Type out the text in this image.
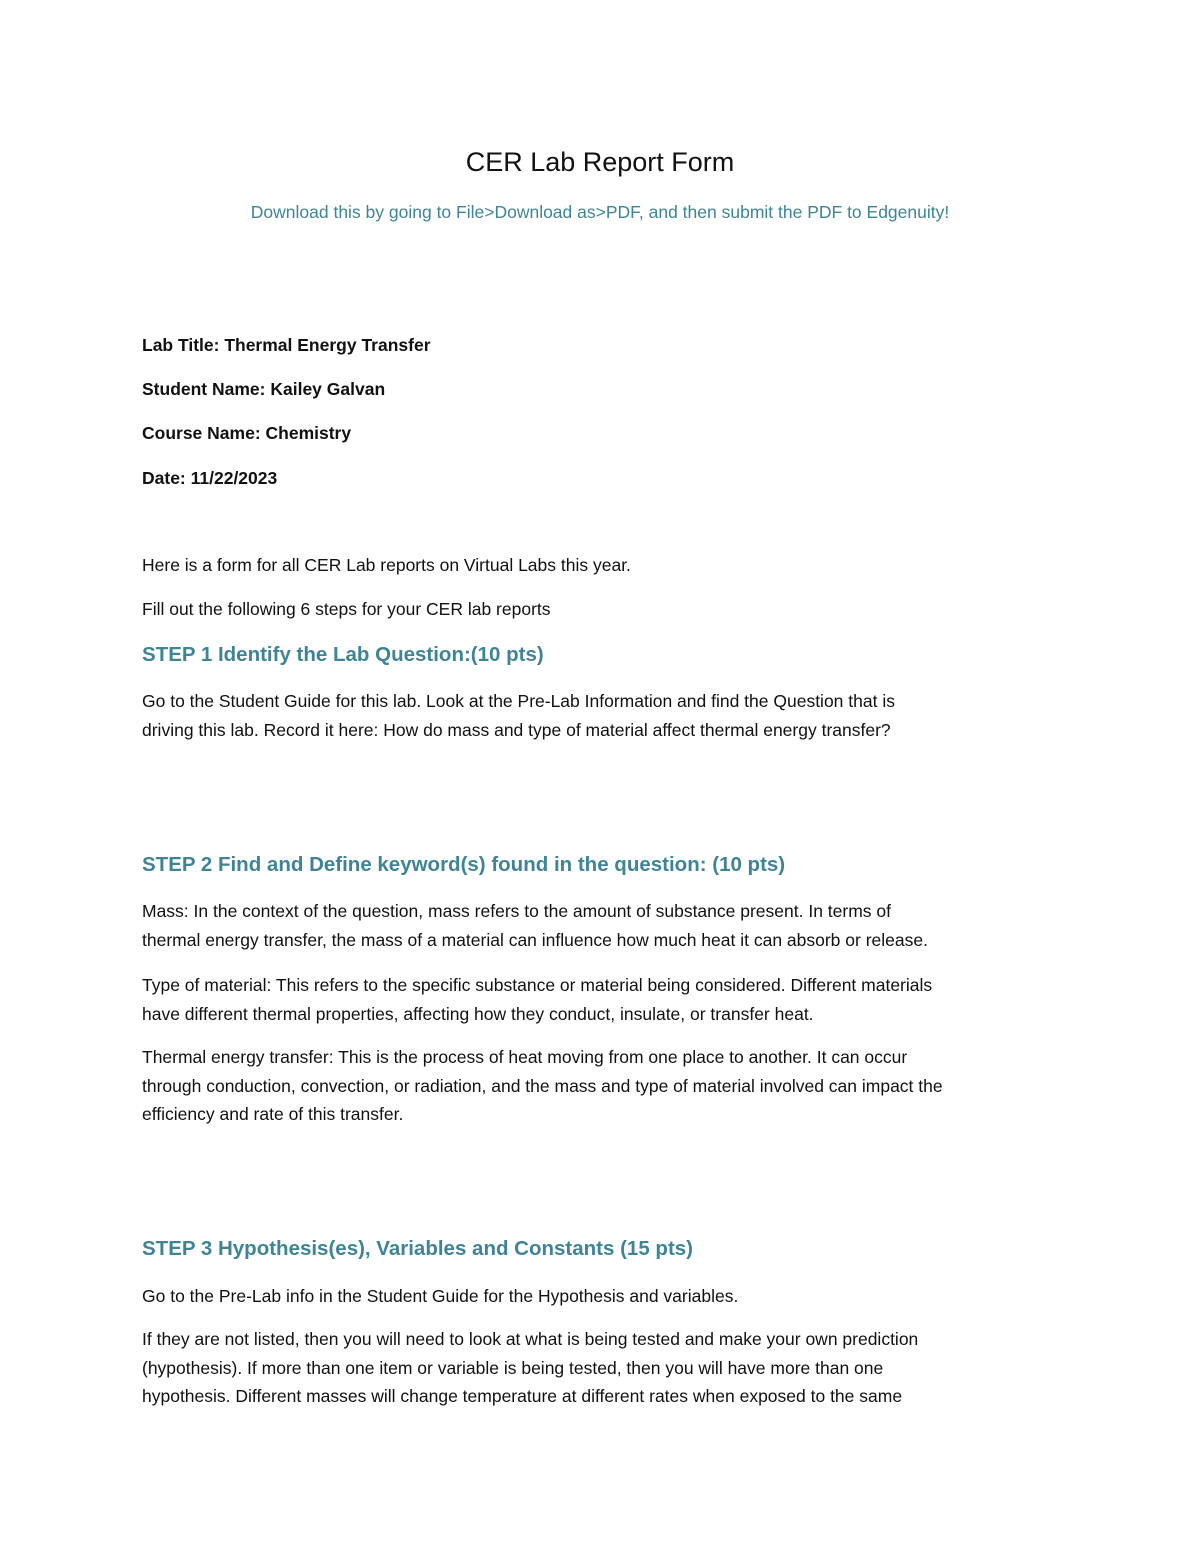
CER Lab Report Form

Download this by going to File>Download as>PDF, and then submit the PDF to Edgenuity!

Lab Title: Thermal Energy Transfer

Student Name: Kailey Galvan

Course Name: Chemistry

Date: 11/22/2023

Here is a form for all CER Lab reports on Virtual Labs this year.

Fill out the following 6 steps for your CER lab reports

STEP 1 Identify the Lab Question:(10 pts)
Go to the Student Guide for this lab. Look at the Pre-Lab Information and find the Question that is
driving this lab. Record it here: How do mass and type of material affect thermal energy transfer?
STEP 2 Find and Define keyword(s) found in the question: (10 pts)
Mass: In the context of the question, mass refers to the amount of substance present. In terms of
thermal energy transfer, the mass of a material can influence how much heat it can absorb or release.
Type of material: This refers to the specific substance or material being considered. Different materials
have different thermal properties, affecting how they conduct, insulate, or transfer heat.
Thermal energy transfer: This is the process of heat moving from one place to another. It can occur
through conduction, convection, or radiation, and the mass and type of material involved can impact the
efficiency and rate of this transfer.
STEP 3 Hypothesis(es), Variables and Constants (15 pts)

Go to the Pre-Lab info in the Student Guide for the Hypothesis and variables.

If they are not listed, then you will need to look at what is being tested and make your own prediction
(hypothesis). If more than one item or variable is being tested, then you will have more than one
hypothesis. Different masses will change temperature at different rates when exposed to the same
